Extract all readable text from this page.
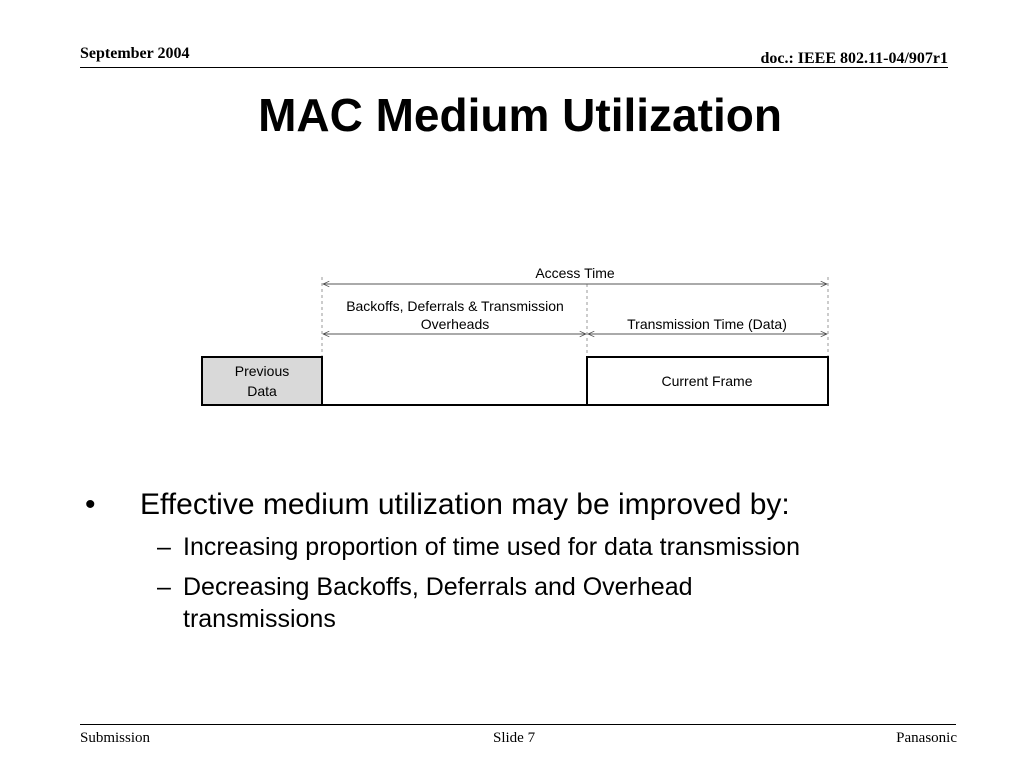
September 2004	doc.: IEEE 802.11-04/907r1
MAC Medium Utilization
Access Time
Backoffs, Deferrals & Transmission
Overheads	Transmission Time (Data)
Previous
Data
Current Frame
• Effective medium utilization may be improved by:
– Increasing proportion of time used for data transmission
– Decreasing Backoffs, Deferrals and Overhead
transmissions
Submission	Slide 7	Panasonic
